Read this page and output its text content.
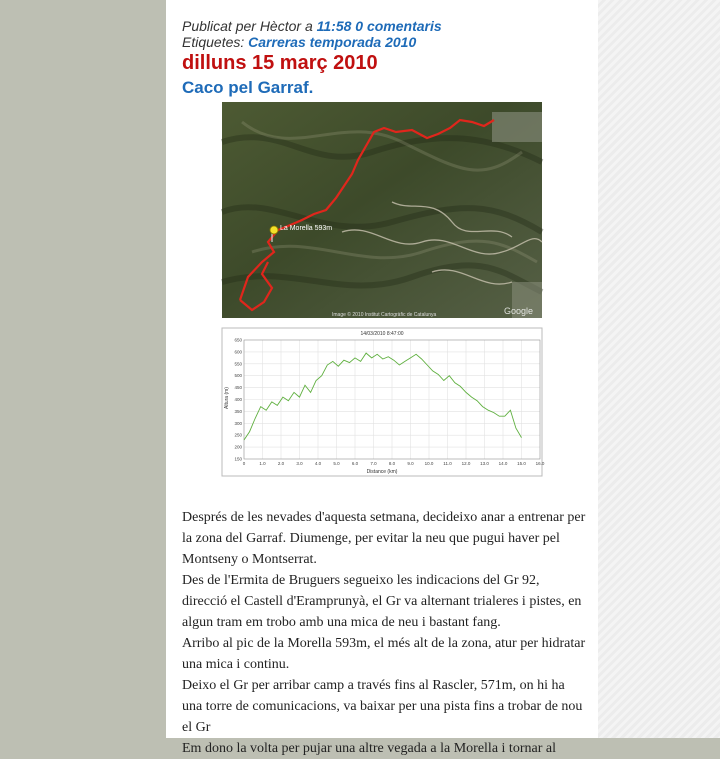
Publicat per Hèctor a 11:58 0 comentaris
Etiquetes: Carreras temporada 2010
dilluns 15 març 2010
Caco pel Garraf.
La Morella 593m
Google
Image © 2010 Institut Cartogràfic de Catalunya
14/03/2010 8:47:00
150
200
250
300
350
400
450
500
550
600
650
0	1.0	2.0	3.0	4.0	5.0	6.0	7.0	8.0	9.0 10.0 11.0 12.0 13.0 14.0 15.0 16.0
Distance (km)
Altura (m)

Després de les nevades d'aquesta setmana, decideixo anar a entrenar per la zona del Garraf. Diumenge, per evitar la neu que pugui haver pel Montseny o Montserrat.

Des de l'Ermita de Bruguers segueixo les indicacions del Gr 92, direcció el Castell d'Eramprunyà, el Gr va alternant trialeres i pistes, en algun tram em trobo amb una mica de neu i bastant fang.

Arribo al pic de la Morella 593m, el més alt de la zona, atur per hidratar una mica i continu.

Deixo el Gr per arribar camp a través fins al Rascler, 571m, on hi ha una torre de comunicacions, va baixar per una pista fins a trobar de nou el Gr

Em dono la volta per pujar una altre vegada a la Morella i tornar al
